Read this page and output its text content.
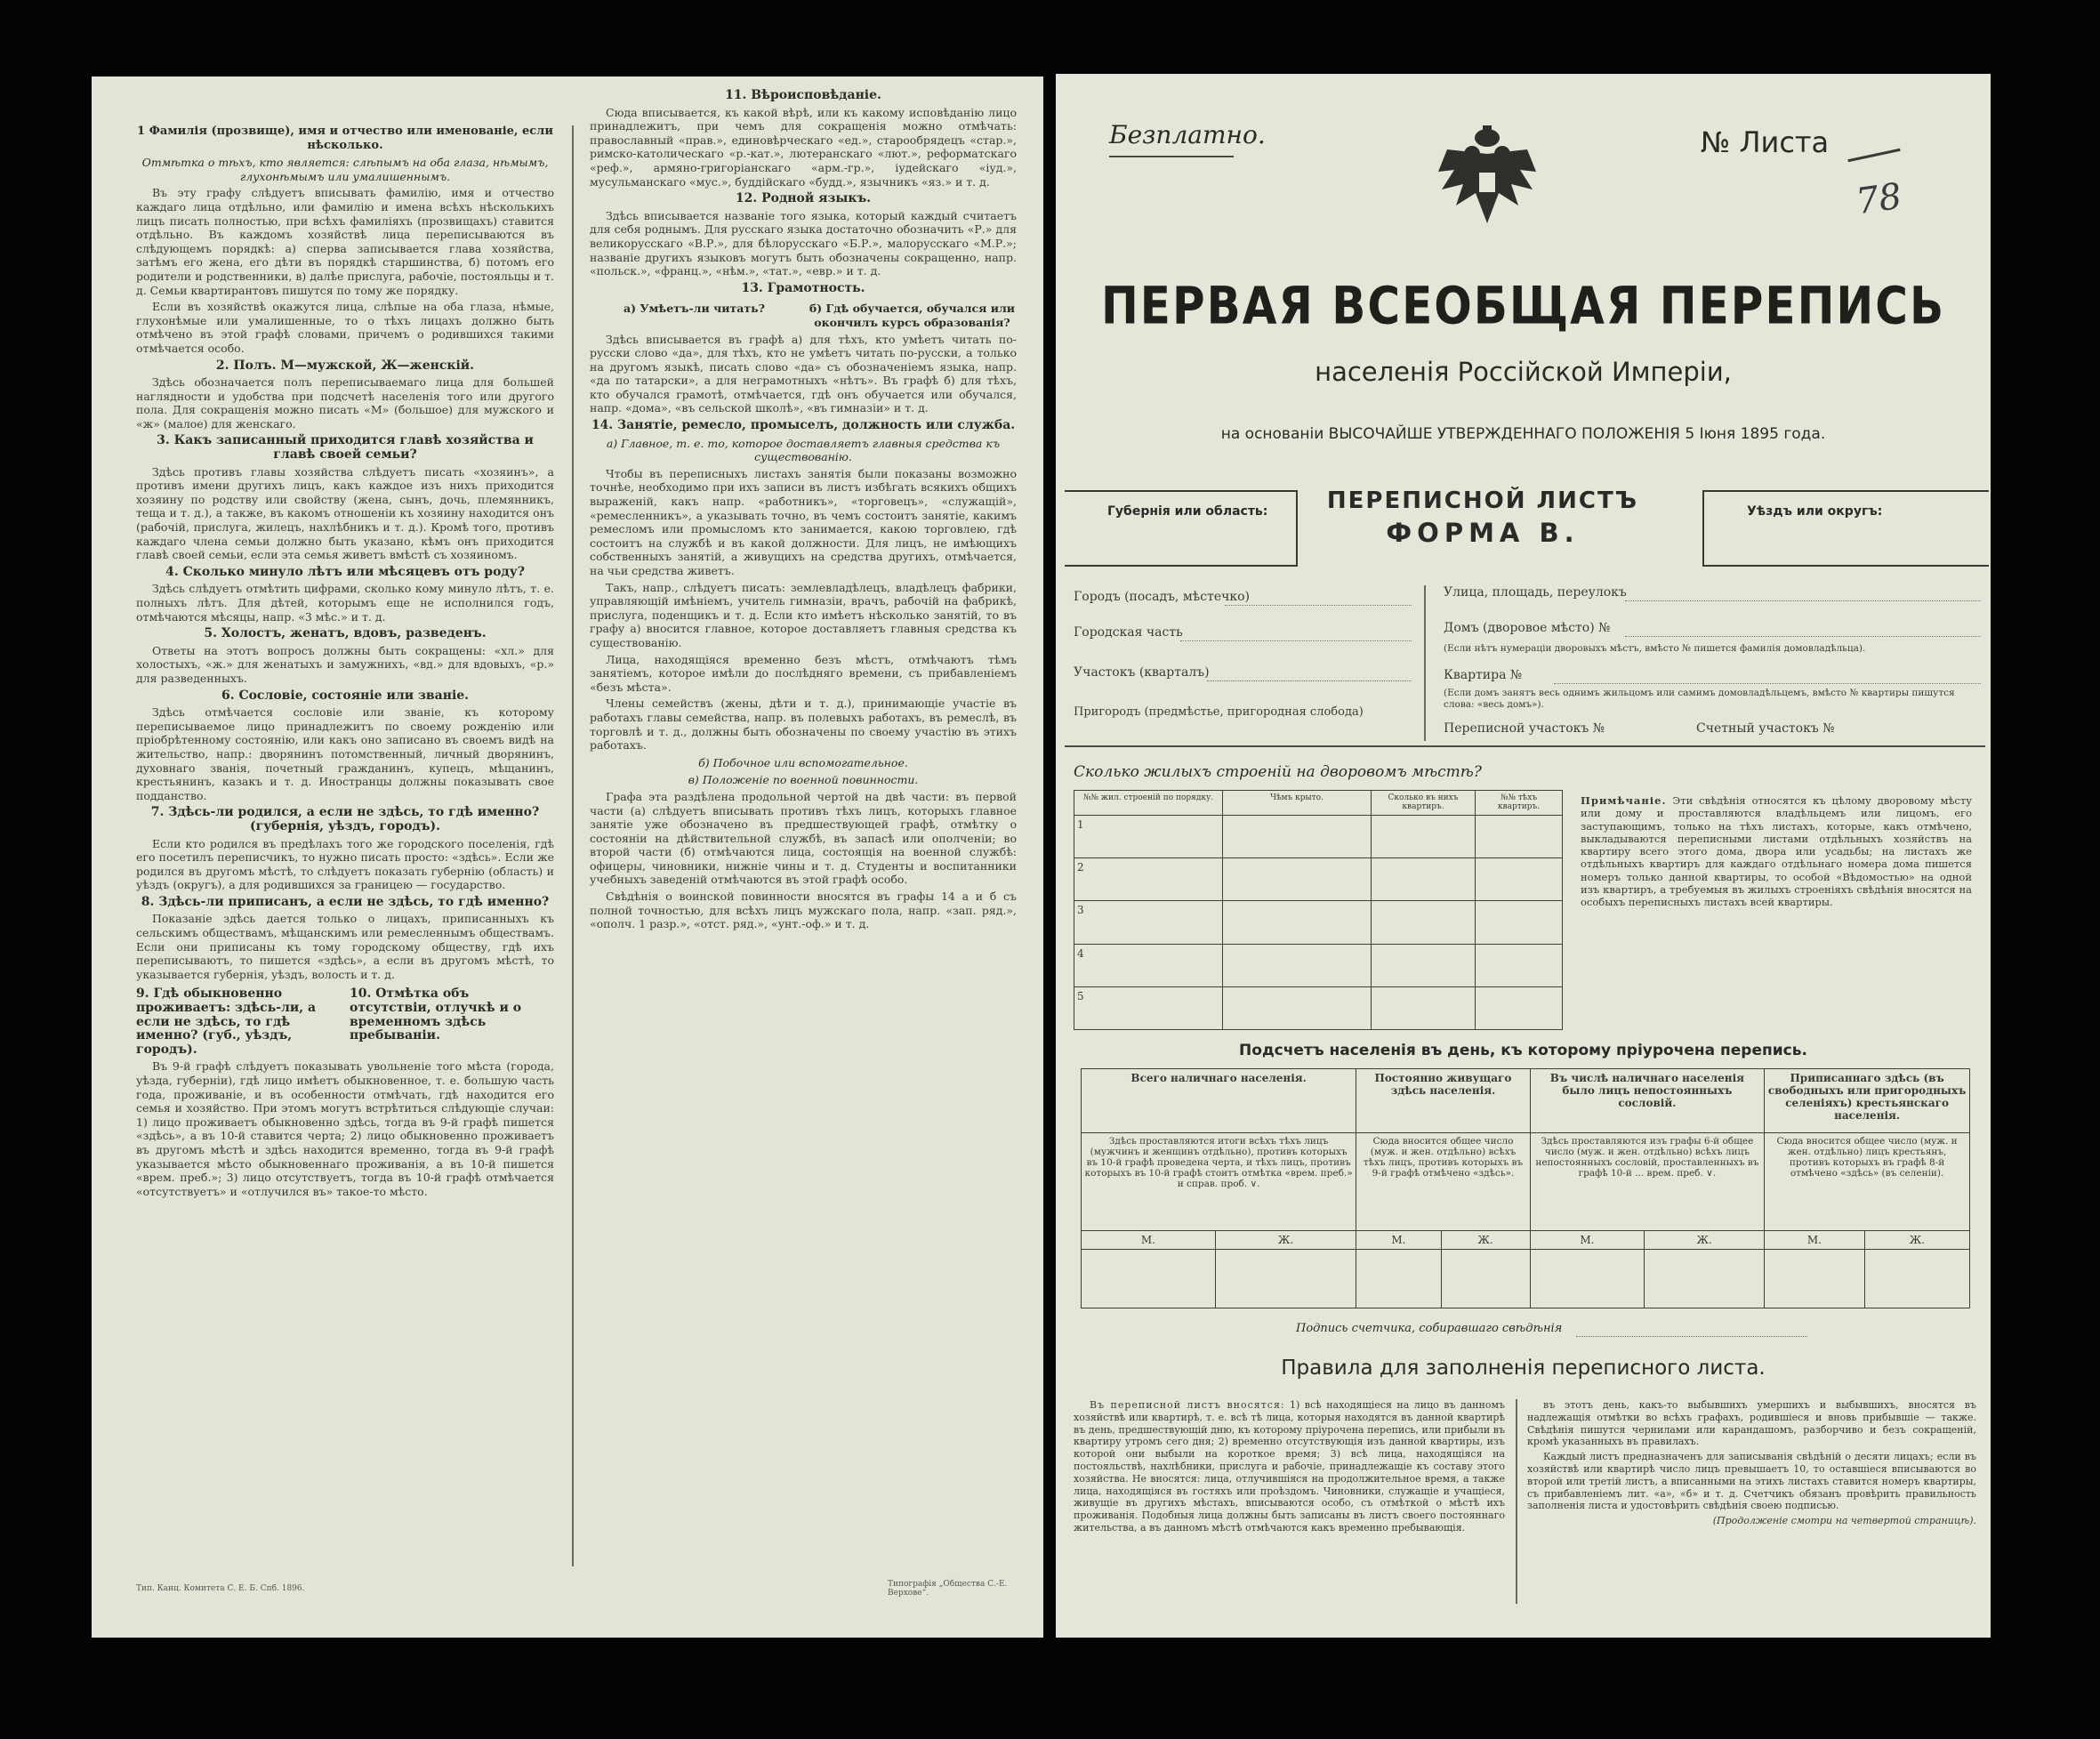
1 Фамилія (прозвище), имя и отчество или именованіе, если нѣсколько.
Отмѣтка о тѣхъ, кто является: слѣпымъ на оба глаза, нѣмымъ, глухонѣмымъ или умалишеннымъ.

Въ эту графу слѣдуетъ вписывать фамилію, имя и отчество каждаго лица отдѣльно, или фамилію и имена всѣхъ нѣсколькихъ лицъ писать полностью, при всѣхъ фамиліяхъ (прозвищахъ) ставится отдѣльно. Въ каждомъ хозяйствѣ лица переписываются въ слѣдующемъ порядкѣ: а) сперва записывается глава хозяйства, затѣмъ его жена, его дѣти въ порядкѣ старшинства, б) потомъ его родители и родственники, в) далѣе прислуга, рабочіе, постояльцы и т. д. Семьи квартирантовъ пишутся по тому же порядку.

Если въ хозяйствѣ окажутся лица, слѣпые на оба глаза, нѣмые, глухонѣмые или умалишенные, то о тѣхъ лицахъ должно быть отмѣчено въ этой графѣ словами, причемъ о родившихся такими отмѣчается особо.

2. Полъ. М—мужской, Ж—женскій.

Здѣсь обозначается полъ переписываемаго лица для большей наглядности и удобства при подсчетѣ населенія того или другого пола. Для сокращенія можно писать «М» (большое) для мужского и «ж» (малое) для женскаго.

3. Какъ записанный приходится главѣ хозяйства и главѣ своей семьи?

Здѣсь противъ главы хозяйства слѣдуетъ писать «хозяинъ», а противъ имени другихъ лицъ, какъ каждое изъ нихъ приходится хозяину по родству или свойству (жена, сынъ, дочь, племянникъ, теща и т. д.), а также, въ какомъ отношеніи къ хозяину находится онъ (рабочій, прислуга, жилецъ, нахлѣбникъ и т. д.). Кромѣ того, противъ каждаго члена семьи должно быть указано, кѣмъ онъ приходится главѣ своей семьи, если эта семья живетъ вмѣстѣ съ хозяиномъ.

4. Сколько минуло лѣтъ или мѣсяцевъ отъ роду?

Здѣсь слѣдуетъ отмѣтить цифрами, сколько кому минуло лѣтъ, т. е. полныхъ лѣтъ. Для дѣтей, которымъ еще не исполнился годъ, отмѣчаются мѣсяцы, напр. «3 мѣс.» и т. д.

5. Холостъ, женатъ, вдовъ, разведенъ.

Ответы на этотъ вопросъ должны быть сокращены: «хл.» для холостыхъ, «ж.» для женатыхъ и замужнихъ, «вд.» для вдовыхъ, «р.» для разведенныхъ.

6. Сословіе, состояніе или званіе.

Здѣсь отмѣчается сословіе или званіе, къ которому переписываемое лицо принадлежитъ по своему рожденію или пріобрѣтенному состоянію, или какъ оно записано въ своемъ видѣ на жительство, напр.: дворянинъ потомственный, личный дворянинъ, духовнаго званія, почетный гражданинъ, купецъ, мѣщанинъ, крестьянинъ, казакъ и т. д. Иностранцы должны показывать свое подданство.

7. Здѣсь-ли родился, а если не здѣсь, то гдѣ именно? (губернія, уѣздъ, городъ).

Если кто родился въ предѣлахъ того же городского поселенія, гдѣ его посетилъ переписчикъ, то нужно писать просто: «здѣсь». Если же родился въ другомъ мѣстѣ, то слѣдуетъ показать губернію (область) и уѣздъ (округъ), а для родившихся за границею — государство.

8. Здѣсь-ли приписанъ, а если не здѣсь, то гдѣ именно?

Показаніе здѣсь дается только о лицахъ, приписанныхъ къ сельскимъ обществамъ, мѣщанскимъ или ремесленнымъ обществамъ. Если они приписаны къ тому городскому обществу, гдѣ ихъ переписываютъ, то пишется «здѣсь», а если въ другомъ мѣстѣ, то указывается губернія, уѣздъ, волость и т. д.

9. Гдѣ обыкновенно проживаетъ: здѣсь-ли, а если не здѣсь, то гдѣ именно? (губ., уѣздъ, городъ).
10. Отмѣтка объ отсутствіи, отлучкѣ и о временномъ здѣсь пребываніи.

Въ 9-й графѣ слѣдуетъ показывать увольненіе того мѣста (города, уѣзда, губерніи), гдѣ лицо имѣетъ обыкновенное, т. е. большую часть года, проживаніе, и въ особенности отмѣчать, гдѣ находится его семья и хозяйство. При этомъ могутъ встрѣтиться слѣдующіе случаи: 1) лицо проживаетъ обыкновенно здѣсь, тогда въ 9-й графѣ пишется «здѣсь», а въ 10-й ставится черта; 2) лицо обыкновенно проживаетъ въ другомъ мѣстѣ и здѣсь находится временно, тогда въ 9-й графѣ указывается мѣсто обыкновеннаго проживанія, а въ 10-й пишется «врем. преб.»; 3) лицо отсутствуетъ, тогда въ 10-й графѣ отмѣчается «отсутствуетъ» и «отлучился въ» такое-то мѣсто.

11. Вѣроисповѣданіе.

Сюда вписывается, къ какой вѣрѣ, или къ какому исповѣданію лицо принадлежитъ, при чемъ для сокращенія можно отмѣчать: православный «прав.», единовѣрческаго «ед.», старообрядецъ «стар.», римско-католическаго «р.-кат.», лютеранскаго «лют.», реформатскаго «реф.», армяно-григоріанскаго «арм.-гр.», іудейскаго «іуд.», мусульманскаго «мус.», буддійскаго «будд.», язычникъ «яз.» и т. д.

12. Родной языкъ.

Здѣсь вписывается названіе того языка, который каждый считаетъ для себя роднымъ. Для русскаго языка достаточно обозначить «Р.» для великорусскаго «В.Р.», для бѣлорусскаго «Б.Р.», малорусскаго «М.Р.»; названіе другихъ языковъ могутъ быть обозначены сокращенно, напр. «польск.», «франц.», «нѣм.», «тат.», «евр.» и т. д.

13. Грамотность.
а) Умѣетъ-ли читать?	б) Гдѣ обучается, обучался или окончилъ курсъ образованія?

Здѣсь вписывается въ графѣ а) для тѣхъ, кто умѣетъ читать по-русски слово «да», для тѣхъ, кто не умѣетъ читать по-русски, а только на другомъ языкѣ, писать слово «да» съ обозначеніемъ языка, напр. «да по татарски», а для неграмотныхъ «нѣтъ». Въ графѣ б) для тѣхъ, кто обучался грамотѣ, отмѣчается, гдѣ онъ обучается или обучался, напр. «дома», «въ сельской школѣ», «въ гимназіи» и т. д.

14. Занятіе, ремесло, промыселъ, должность или служба.
а) Главное, т. е. то, которое доставляетъ главныя средства къ существованію.

Чтобы въ переписныхъ листахъ занятія были показаны возможно точнѣе, необходимо при ихъ записи въ листъ избѣгать всякихъ общихъ выраженій, какъ напр. «работникъ», «торговецъ», «служащій», «ремесленникъ», а указывать точно, въ чемъ состоитъ занятіе, какимъ ремесломъ или промысломъ кто занимается, какою торговлею, гдѣ состоитъ на службѣ и въ какой должности. Для лицъ, не имѣющихъ собственныхъ занятій, а живущихъ на средства другихъ, отмѣчается, на чьи средства живетъ.

Такъ, напр., слѣдуетъ писать: землевладѣлецъ, владѣлецъ фабрики, управляющій имѣніемъ, учитель гимназіи, врачъ, рабочій на фабрикѣ, прислуга, поденщикъ и т. д. Если кто имѣетъ нѣсколько занятій, то въ графу а) вносится главное, которое доставляетъ главныя средства къ существованію.

Лица, находящіяся временно безъ мѣстъ, отмѣчаютъ тѣмъ занятіемъ, которое имѣли до послѣдняго времени, съ прибавленіемъ «безъ мѣста».

Члены семействъ (жены, дѣти и т. д.), принимающіе участіе въ работахъ главы семейства, напр. въ полевыхъ работахъ, въ ремеслѣ, въ торговлѣ и т. д., должны быть обозначены по своему участію въ этихъ работахъ.

б) Побочное или вспомогательное.
в) Положеніе по военной повинности.

Графа эта раздѣлена продольной чертой на двѣ части: въ первой части (а) слѣдуетъ вписывать противъ тѣхъ лицъ, которыхъ главное занятіе уже обозначено въ предшествующей графѣ, отмѣтку о состояніи на дѣйствительной службѣ, въ запасѣ или ополченіи; во второй части (б) отмѣчаются лица, состоящія на военной службѣ: офицеры, чиновники, нижніе чины и т. д. Студенты и воспитанники учебныхъ заведеній отмѣчаются въ этой графѣ особо.

Свѣдѣнія о воинской повинности вносятся въ графы 14 а и б съ полной точностью, для всѣхъ лицъ мужскаго пола, напр. «зап. ряд.», «ополч. 1 разр.», «отст. ряд.», «унт.-оф.» и т. д.

Тип. Канц. Комитета С. Е. Б. Спб. 1896.	Типографія „Общества С.-Е. Верхове“.
Безплатно.	№ Листа
78
ПЕРВАЯ ВСЕОБЩАЯ ПЕРЕПИСЬ
населенія Россійской Имперіи,
на основаніи ВЫСОЧАЙШЕ УТВЕРЖДЕННАГО ПОЛОЖЕНІЯ 5 Іюня 1895 года.
Губернія или область:	ПЕРЕПИСНОЙ ЛИСТЪ
ФОРМА В.
Уѣздъ или округъ:
Городъ (посадъ, мѣстечко)
Городская часть
Участокъ (кварталъ)
Пригородъ (предмѣстье, пригородная слобода)
Улица, площадь, переулокъ
Домъ (дворовое мѣсто) №
(Если нѣтъ нумераціи дворовыхъ мѣстъ, вмѣсто № пишется фамилія домовладѣльца).
Квартира №
(Если домъ занятъ весь однимъ жильцомъ или самимъ домовладѣльцемъ, вмѣсто № квартиры пишутся слова: «весь домъ»).
Переписной участокъ №	Счетный участокъ №
Сколько жилыхъ строеній на дворовомъ мѣстѣ?
№№ жил. строеній по порядку.	Чѣмъ крыто.	Сколько въ нихъ квартиръ.	№№ тѣхъ квартиръ.
1			
2			
3			
4			
5			
Примѣчаніе. Эти свѣдѣнія относятся къ цѣлому дворовому мѣсту или дому и проставляются владѣльцемъ или лицомъ, его заступающимъ, только на тѣхъ листахъ, которые, какъ отмѣчено, выкладываются переписными листами отдѣльныхъ хозяйствъ на квартиру всего этого дома, двора или усадьбы; на листахъ же отдѣльныхъ квартиръ для каждаго отдѣльнаго номера дома пишется номеръ только данной квартиры, то особой «Вѣдомостью» на одной изъ квартиръ, а требуемыя въ жилыхъ строеніяхъ свѣдѣнія вносятся на особыхъ переписныхъ листахъ всей квартиры.
Подсчетъ населенія въ день, къ которому пріурочена перепись.
Всего наличнаго населенія.		Постоянно живущаго здѣсь населенія.		Въ числѣ наличнаго населенія было лицъ непостоянныхъ сословій.		Приписаннаго здѣсь (въ свободныхъ или пригородныхъ селеніяхъ) крестьянскаго населенія.	
Здѣсь проставляются итоги всѣхъ тѣхъ лицъ (мужчинъ и женщинъ отдѣльно), противъ которыхъ въ 10-й графѣ проведена черта, и тѣхъ лицъ, противъ которыхъ въ 10-й графѣ стоитъ отмѣтка «врем. преб.» и справ. проб. ∨.		Сюда вносится общее число (муж. и жен. отдѣльно) всѣхъ тѣхъ лицъ, противъ которыхъ въ 9-й графѣ отмѣчено «здѣсь».		Здѣсь проставляются изъ графы 6-й общее число (муж. и жен. отдѣльно) всѣхъ лицъ непостоянныхъ сословій, проставленныхъ въ графѣ 10-й ... врем. преб. ∨.		Сюда вносится общее число (муж. и жен. отдѣльно) лицъ крестьянъ, противъ которыхъ въ графѣ 8-й отмѣчено «здѣсь» (въ селеніи).	
М.	Ж.	М.	Ж.	М.	Ж.	М.	Ж.

Подпись счетчика, собиравшаго свѣдѣнія
Правила для заполненія переписного листа.

Въ переписной листъ вносятся: 1) всѣ находящіеся на лицо въ данномъ хозяйствѣ или квартирѣ, т. е. всѣ тѣ лица, которыя находятся въ данной квартирѣ въ день, предшествующій дню, къ которому пріурочена перепись, или прибыли въ квартиру утромъ сего дня; 2) временно отсутствующія изъ данной квартиры, изъ которой они выбыли на короткое время; 3) всѣ лица, находящіяся на постояльствѣ, нахлѣбники, прислуга и рабочіе, принадлежащіе къ составу этого хозяйства. Не вносятся: лица, отлучившіяся на продолжительное время, а также лица, находящіяся въ гостяхъ или проѣздомъ. Чиновники, служащіе и учащіеся, живущіе въ другихъ мѣстахъ, вписываются особо, съ отмѣткой о мѣстѣ ихъ проживанія. Подобныя лица должны быть записаны въ листъ своего постояннаго жительства, а въ данномъ мѣстѣ отмѣчаются какъ временно пребывающія.

въ этотъ день, какъ-то выбывшихъ умершихъ и выбывшихъ, вносятся въ надлежащія отмѣтки во всѣхъ графахъ, родившіеся и вновь прибывшіе — также. Свѣдѣнія пишутся чернилами или карандашомъ, разборчиво и безъ сокращеній, кромѣ указанныхъ въ правилахъ.

Каждый листъ предназначенъ для записыванія свѣдѣній о десяти лицахъ; если въ хозяйствѣ или квартирѣ число лицъ превышаетъ 10, то оставшіеся вписываются во второй или третій листъ, а вписанными на этихъ листахъ ставится номеръ квартиры, съ прибавленіемъ лит. «а», «б» и т. д. Счетчикъ обязанъ провѣрить правильность заполненія листа и удостовѣрить свѣдѣнія своею подписью.

(Продолженіе смотри на четвертой страницѣ).
